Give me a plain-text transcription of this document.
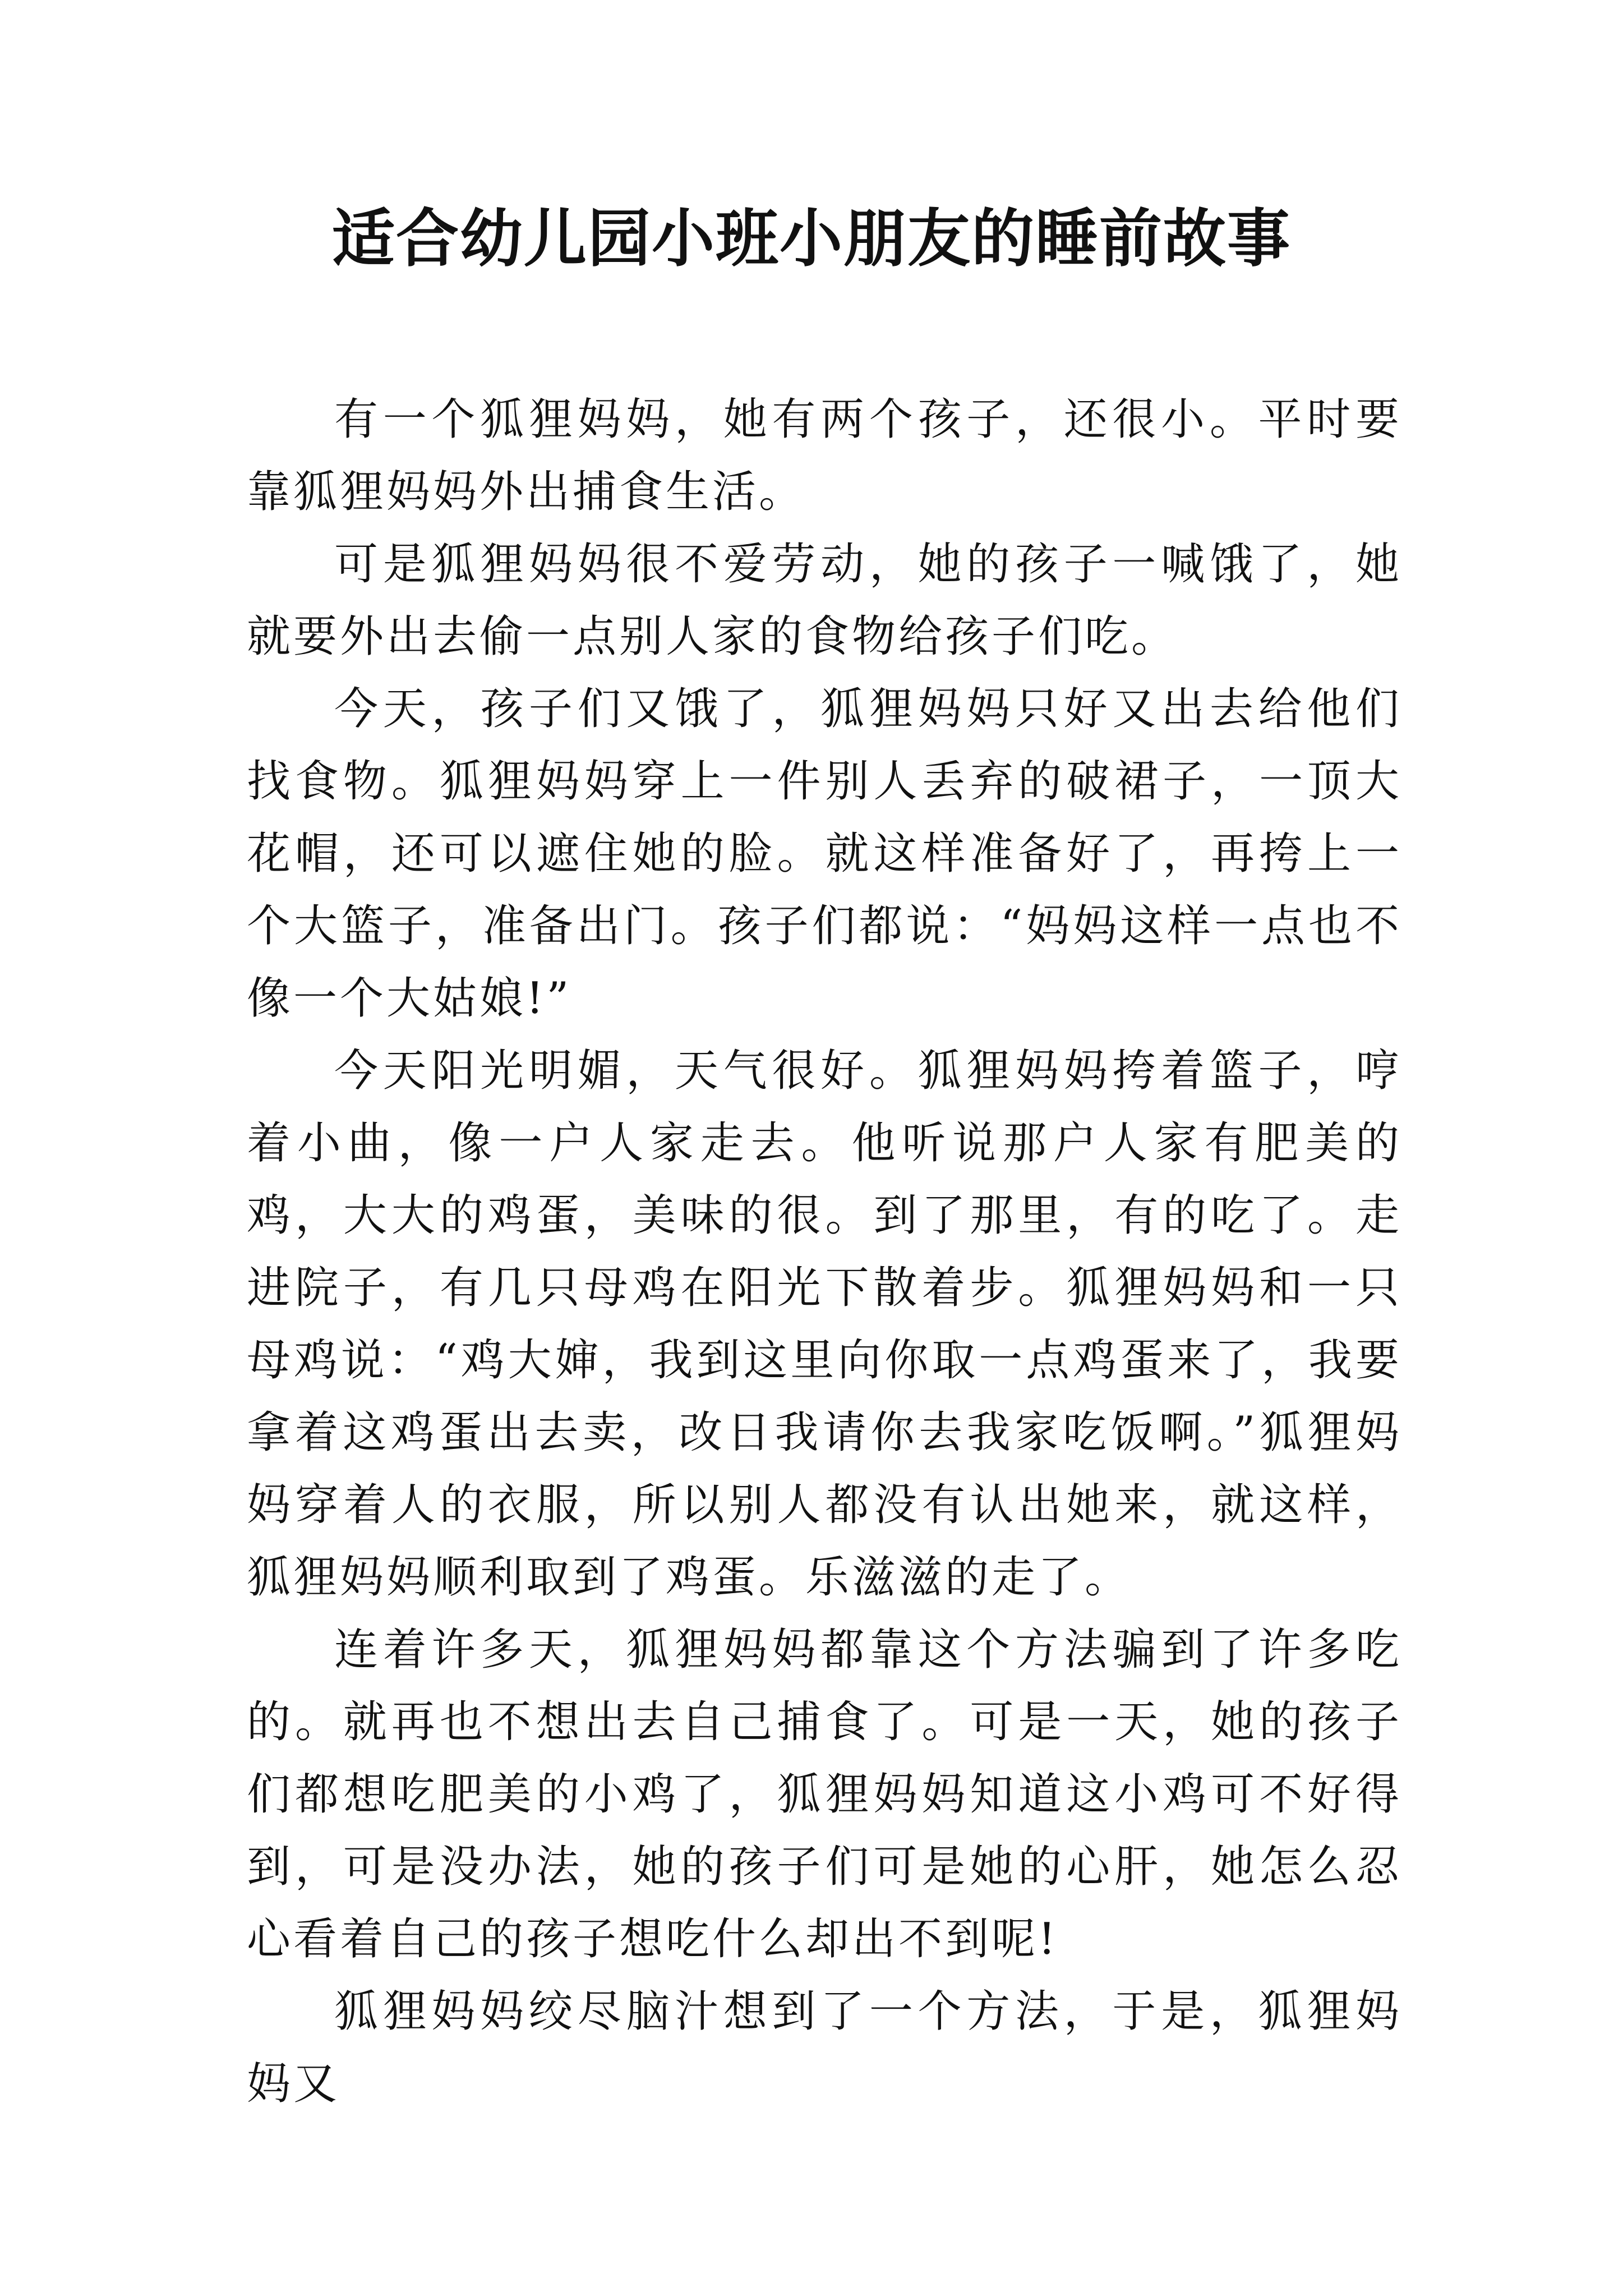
适合幼儿园小班小朋友的睡前故事

有一个狐狸妈妈，她有两个孩子，还很小。平时要靠狐狸妈妈外出捕食生活。

可是狐狸妈妈很不爱劳动，她的孩子一喊饿了，她就要外出去偷一点别人家的食物给孩子们吃。

今天，孩子们又饿了，狐狸妈妈只好又出去给他们找食物。狐狸妈妈穿上一件别人丢弃的破裙子，一顶大花帽，还可以遮住她的脸。就这样准备好了，再挎上一个大篮子，准备出门。孩子们都说：“妈妈这样一点也不像一个大姑娘!”

今天阳光明媚，天气很好。狐狸妈妈挎着篮子，哼着小曲，像一户人家走去。他听说那户人家有肥美的鸡，大大的鸡蛋，美味的很。到了那里，有的吃了。走进院子，有几只母鸡在阳光下散着步。狐狸妈妈和一只母鸡说：“鸡大婶，我到这里向你取一点鸡蛋来了，我要拿着这鸡蛋出去卖，改日我请你去我家吃饭啊。”狐狸妈妈穿着人的衣服，所以别人都没有认出她来，就这样，狐狸妈妈顺利取到了鸡蛋。乐滋滋的走了。

连着许多天，狐狸妈妈都靠这个方法骗到了许多吃的。就再也不想出去自己捕食了。可是一天，她的孩子们都想吃肥美的小鸡了，狐狸妈妈知道这小鸡可不好得到，可是没办法，她的孩子们可是她的心肝，她怎么忍心看着自己的孩子想吃什么却出不到呢!

狐狸妈妈绞尽脑汁想到了一个方法，于是，狐狸妈妈又
